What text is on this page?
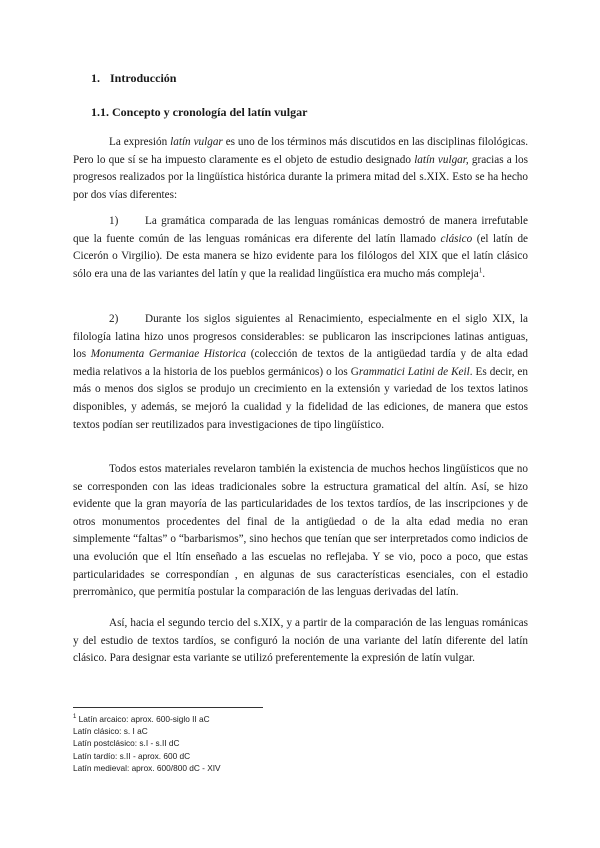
1. Introducción
1.1. Concepto y cronología del latín vulgar

La expresión latín vulgar es uno de los términos más discutidos en las disciplinas filológicas. Pero lo que sí se ha impuesto claramente es el objeto de estudio designado latín vulgar, gracias a los progresos realizados por la lingüística histórica durante la primera mitad del s.XIX. Esto se ha hecho por dos vías diferentes:

1) La gramática comparada de las lenguas románicas demostró de manera irrefutable que la fuente común de las lenguas románicas era diferente del latín llamado clásico (el latín de Cicerón o Virgilio). De esta manera se hizo evidente para los filólogos del XIX que el latín clásico sólo era una de las variantes del latín y que la realidad lingüística era mucho más compleja$^1$.

2) Durante los siglos siguientes al Renacimiento, especialmente en el siglo XIX, la filología latina hizo unos progresos considerables: se publicaron las inscripciones latinas antiguas, los Monumenta Germaniae Historica (colección de textos de la antigüedad tardía y de alta edad media relativos a la historia de los pueblos germánicos) o los Grammatici Latini de Keil. Es decir, en más o menos dos siglos se produjo un crecimiento en la extensión y variedad de los textos latinos disponibles, y además, se mejoró la cualidad y la fidelidad de las ediciones, de manera que estos textos podían ser reutilizados para investigaciones de tipo lingüístico.

Todos estos materiales revelaron también la existencia de muchos hechos lingüísticos que no se corresponden con las ideas tradicionales sobre la estructura gramatical del altín. Así, se hizo evidente que la gran mayoría de las particularidades de los textos tardíos, de las inscripciones y de otros monumentos procedentes del final de la antigüedad o de la alta edad media no eran simplemente “faltas” o “barbarismos”, sino hechos que tenían que ser interpretados como indicios de una evolución que el ltín enseñado a las escuelas no reflejaba. Y se vio, poco a poco, que estas particularidades se correspondían , en algunas de sus características esenciales, con el estadio prerromànico, que permitía postular la comparación de las lenguas derivadas del latín.

Así, hacia el segundo tercio del s.XIX, y a partir de la comparación de las lenguas románicas y del estudio de textos tardíos, se configuró la noción de una variante del latín diferente del latín clásico. Para designar esta variante se utilizó preferentemente la expresión de latín vulgar.

$^1$ Latín arcaico: aprox. 600-siglo II aC
Latín clásico: s. I aC
Latín postclásico: s.I - s.II dC
Latín tardío: s.II - aprox. 600 dC
Latín medieval: aprox. 600/800 dC - XIV
